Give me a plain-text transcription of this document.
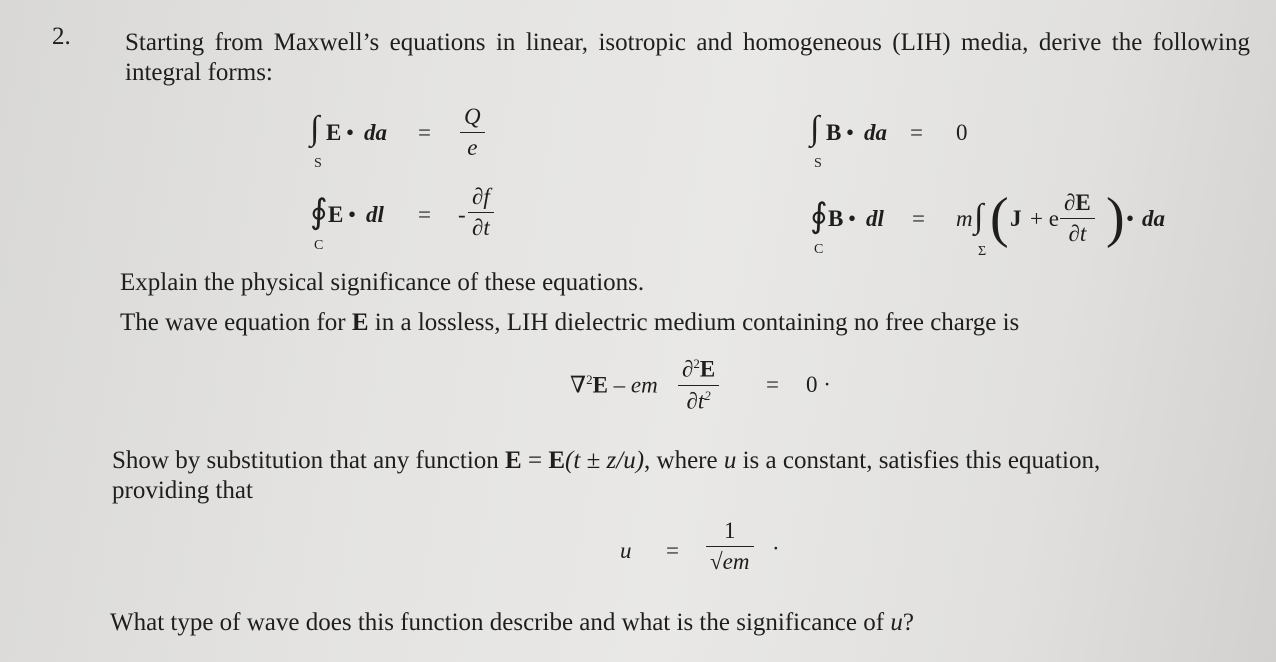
2. Starting from Maxwell’s equations in linear, isotropic and homogeneous (LIH) media, derive the following integral forms:
∫
S
E • da = $\frac{Q}{e}$	∫
S
B • da = 0
∮
C
E • dl = - $\frac{\partial f}{\partial t}$	∮
C
B • dl = m ∫
Σ
( J + e $\frac{\partial E}{\partial t}$ ) • da
Explain the physical significance of these equations.
The wave equation for E in a lossless, LIH dielectric medium containing no free charge is
∇$^2$E – em $\frac{\partial^2E}{\partial t^2} = 0$ ·
Show by substitution that any function E = E(t ± z/u), where u is a constant, satisfies this equation,
providing that
$u = \frac{1}{√em}$ ·
What type of wave does this function describe and what is the significance of u?
